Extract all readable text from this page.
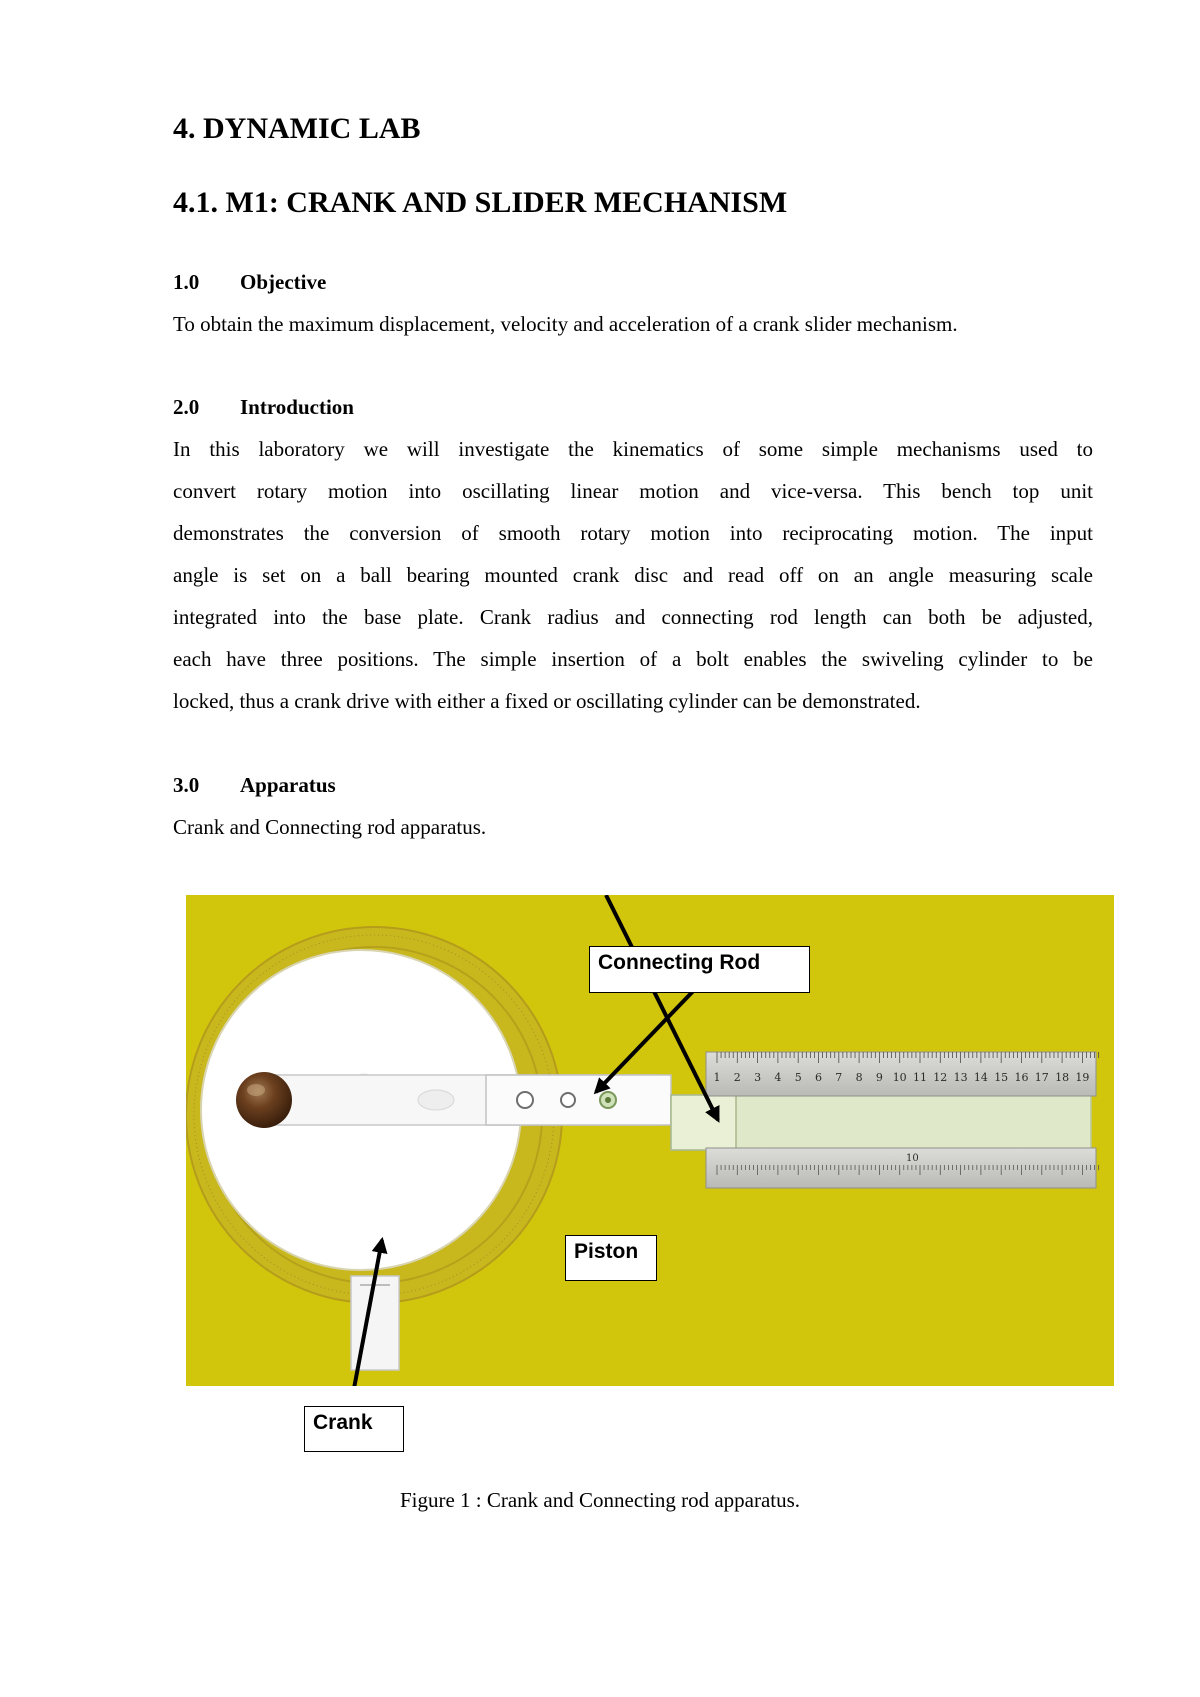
4. DYNAMIC LAB
4.1. M1: CRANK AND SLIDER MECHANISM
1.0 Objective

To obtain the maximum displacement, velocity and acceleration of a crank slider mechanism.

2.0 Introduction

In this laboratory we will investigate the kinematics of some simple mechanisms used to
convert rotary motion into oscillating linear motion and vice-versa. This bench top unit
demonstrates the conversion of smooth rotary motion into reciprocating motion. The input
angle is set on a ball bearing mounted crank disc and read off on an angle measuring scale
integrated into the base plate. Crank radius and connecting rod length can both be adjusted,
each have three positions. The simple insertion of a bolt enables the swiveling cylinder to be
locked, thus a crank drive with either a fixed or oscillating cylinder can be demonstrated.

3.0 Apparatus

Crank and Connecting rod apparatus.

1 2 3 4 5 6 7 8 9 10 11 12 13 14 15 16 17 18 19
10
Connecting Rod
Piston
Crank
Figure 1 : Crank and Connecting rod apparatus.
